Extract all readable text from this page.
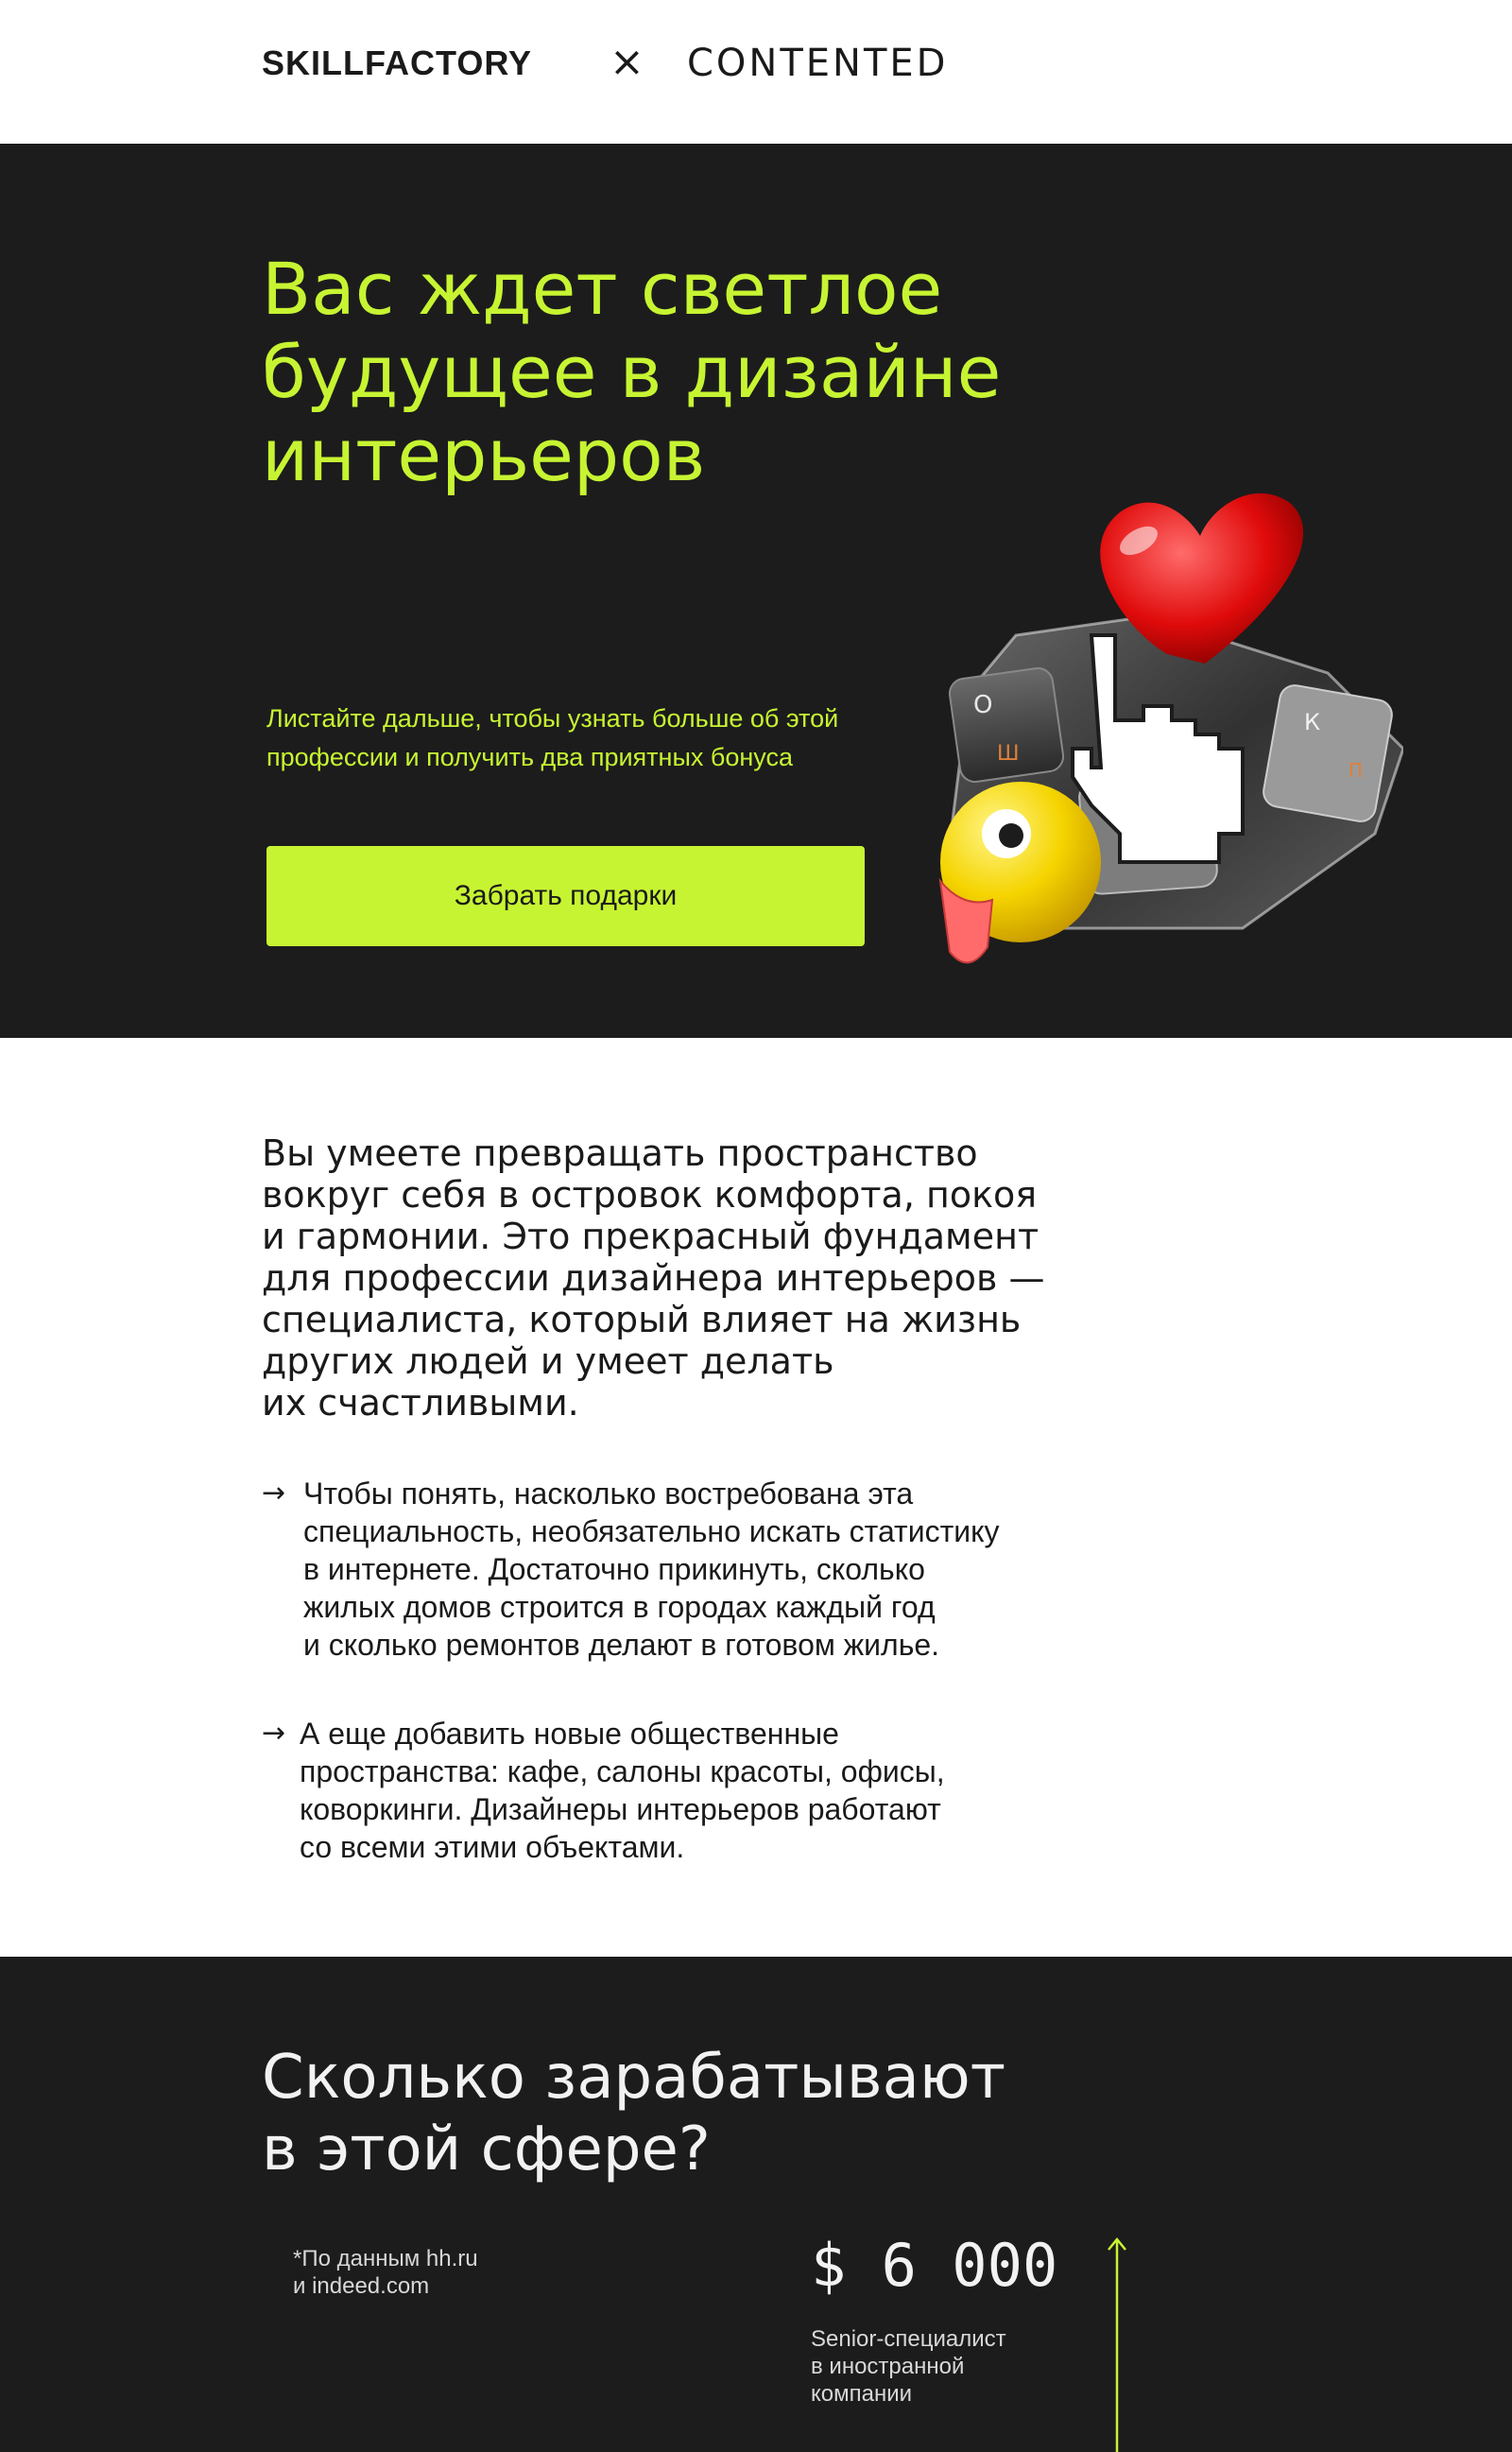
SKILLFACTORY × CONTENTED
Вас ждет светлое
будущее в дизайне
интерьеров

Листайте дальше, чтобы узнать больше об этой профессии и получить два приятных бонуса

Забрать подарки
О
Ш
К
П

Вы умеете превращать пространство
вокруг себя в островок комфорта, покоя
и гармонии. Это прекрасный фундамент
для профессии дизайнера интерьеров —
специалиста, который влияет на жизнь
других людей и умеет делать
их счастливыми.

→ Чтобы понять, насколько востребована эта
специальность, необязательно искать статистику
в интернете. Достаточно прикинуть, сколько
жилых домов строится в городах каждый год
и сколько ремонтов делают в готовом жилье.
→ А еще добавить новые общественные
пространства: кафе, салоны красоты, офисы,
коворкинги. Дизайнеры интерьеров работают
со всеми этими объектами.
Сколько зарабатывают
в этой сфере?
*По данным hh.ru
и indeed.com	$ 6 000
Senior-специалист
в иностранной
компании
